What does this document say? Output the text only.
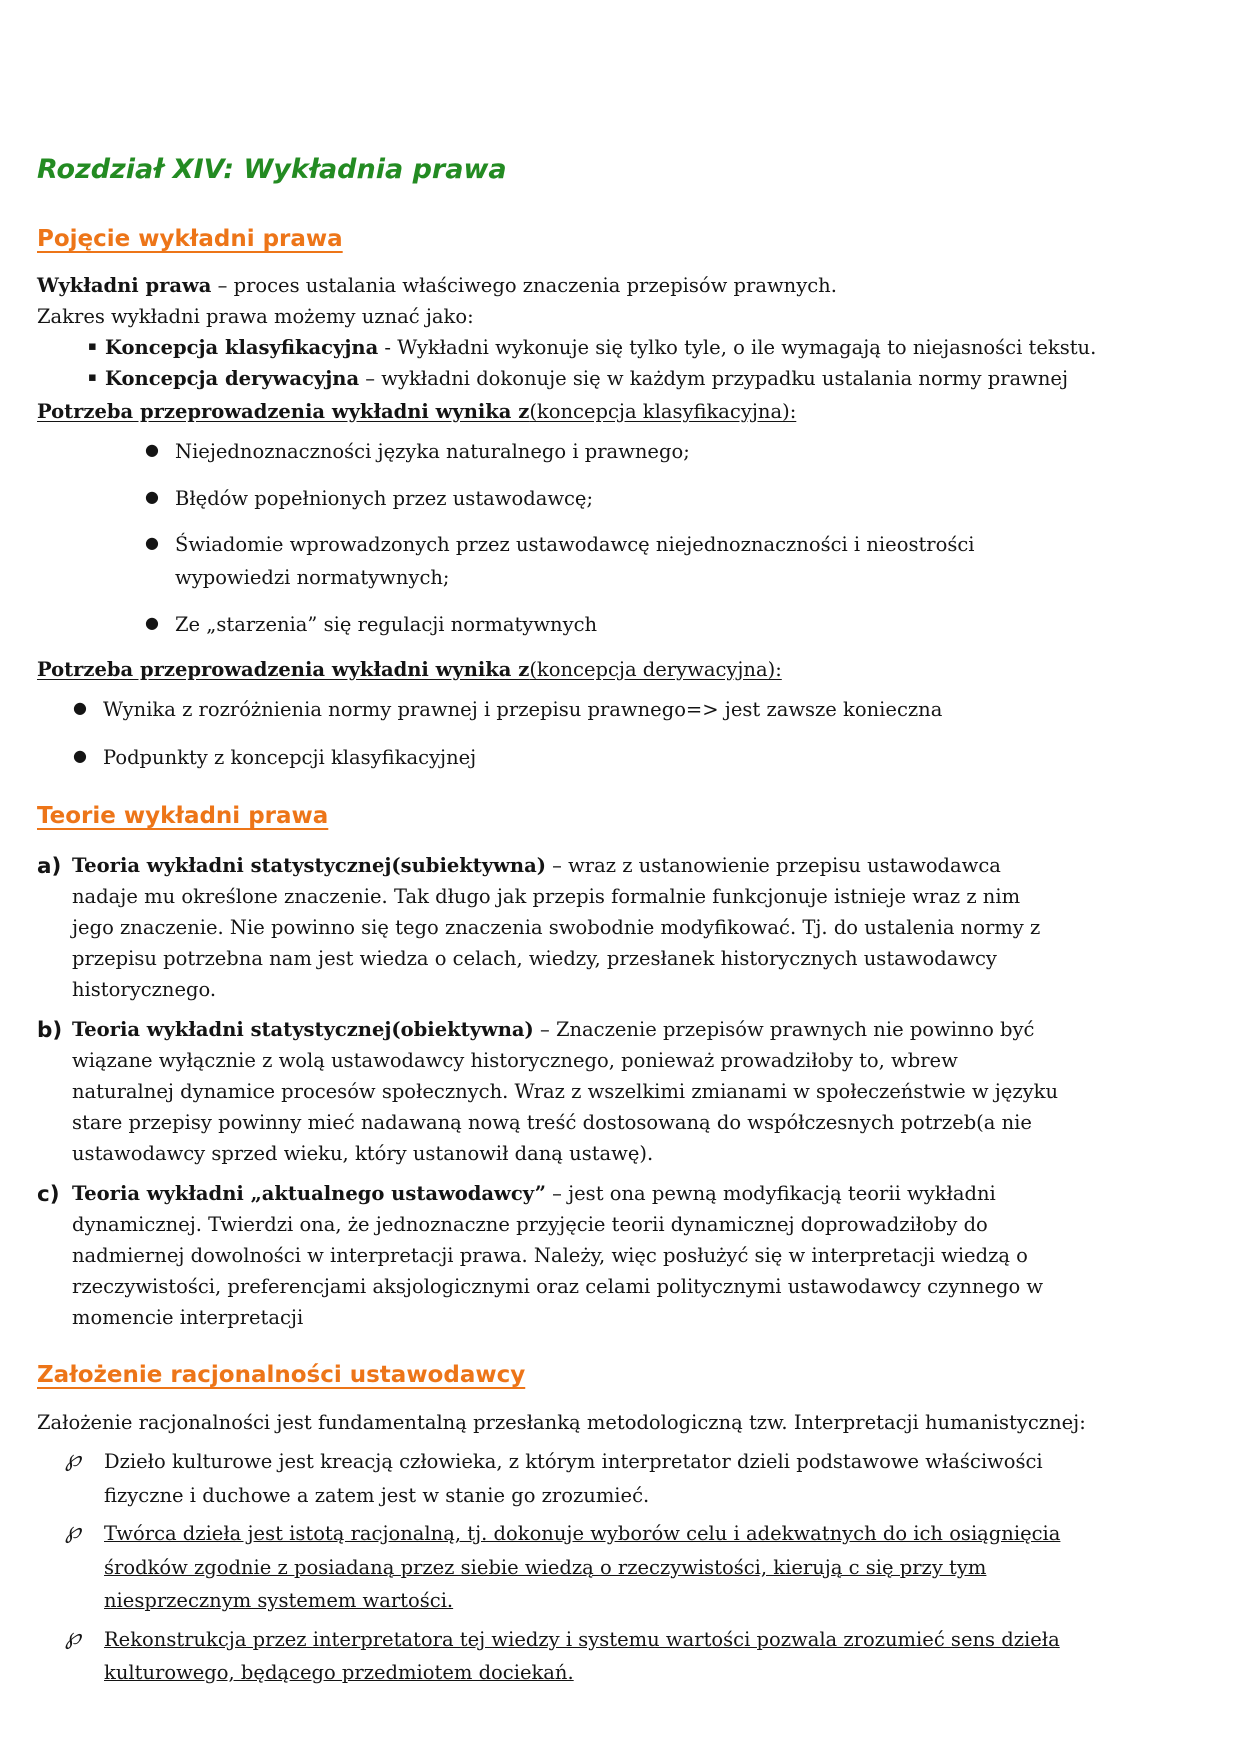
Rozdział XIV: Wykładnia prawa
Pojęcie wykładni prawa

Wykładni prawa – proces ustalania właściwego znaczenia przepisów prawnych.

Zakres wykładni prawa możemy uznać jako:

▪ Koncepcja klasyfikacyjna - Wykładni wykonuje się tylko tyle, o ile wymagają to niejasności tekstu.
▪ Koncepcja derywacyjna – wykładni dokonuje się w każdym przypadku ustalania normy prawnej

Potrzeba przeprowadzenia wykładni wynika z(koncepcja klasyfikacyjna):

● Niejednoznaczności języka naturalnego i prawnego;
● Błędów popełnionych przez ustawodawcę;
● Świadomie wprowadzonych przez ustawodawcę niejednoznaczności i nieostrości wypowiedzi normatywnych;
● Ze „starzenia” się regulacji normatywnych

Potrzeba przeprowadzenia wykładni wynika z(koncepcja derywacyjna):

● Wynika z rozróżnienia normy prawnej i przepisu prawnego=> jest zawsze konieczna
● Podpunkty z koncepcji klasyfikacyjnej
Teorie wykładni prawa
a) Teoria wykładni statystycznej(subiektywna) – wraz z ustanowienie przepisu ustawodawca nadaje mu określone znaczenie. Tak długo jak przepis formalnie funkcjonuje istnieje wraz z nim jego znaczenie. Nie powinno się tego znaczenia swobodnie modyfikować. Tj. do ustalenia normy z przepisu potrzebna nam jest wiedza o celach, wiedzy, przesłanek historycznych ustawodawcy historycznego.
b) Teoria wykładni statystycznej(obiektywna) – Znaczenie przepisów prawnych nie powinno być wiązane wyłącznie z wolą ustawodawcy historycznego, ponieważ prowadziłoby to, wbrew naturalnej dynamice procesów społecznych. Wraz z wszelkimi zmianami w społeczeństwie w języku stare przepisy powinny mieć nadawaną nową treść dostosowaną do współczesnych potrzeb(a nie ustawodawcy sprzed wieku, który ustanowił daną ustawę).
c) Teoria wykładni „aktualnego ustawodawcy” – jest ona pewną modyfikacją teorii wykładni dynamicznej. Twierdzi ona, że jednoznaczne przyjęcie teorii dynamicznej doprowadziłoby do nadmiernej dowolności w interpretacji prawa. Należy, więc posłużyć się w interpretacji wiedzą o rzeczywistości, preferencjami aksjologicznymi oraz celami politycznymi ustawodawcy czynnego w momencie interpretacji
Założenie racjonalności ustawodawcy

Założenie racjonalności jest fundamentalną przesłanką metodologiczną tzw. Interpretacji humanistycznej:

℘	Dzieło kulturowe jest kreacją człowieka, z którym interpretator dzieli podstawowe właściwości fizyczne i duchowe a zatem jest w stanie go zrozumieć.
℘	Twórca dzieła jest istotą racjonalną, tj. dokonuje wyborów celu i adekwatnych do ich osiągnięcia środków zgodnie z posiadaną przez siebie wiedzą o rzeczywistości, kierują c się przy tym niesprzecznym systemem wartości.
℘	Rekonstrukcja przez interpretatora tej wiedzy i systemu wartości pozwala zrozumieć sens dzieła kulturowego, będącego przedmiotem dociekań.
